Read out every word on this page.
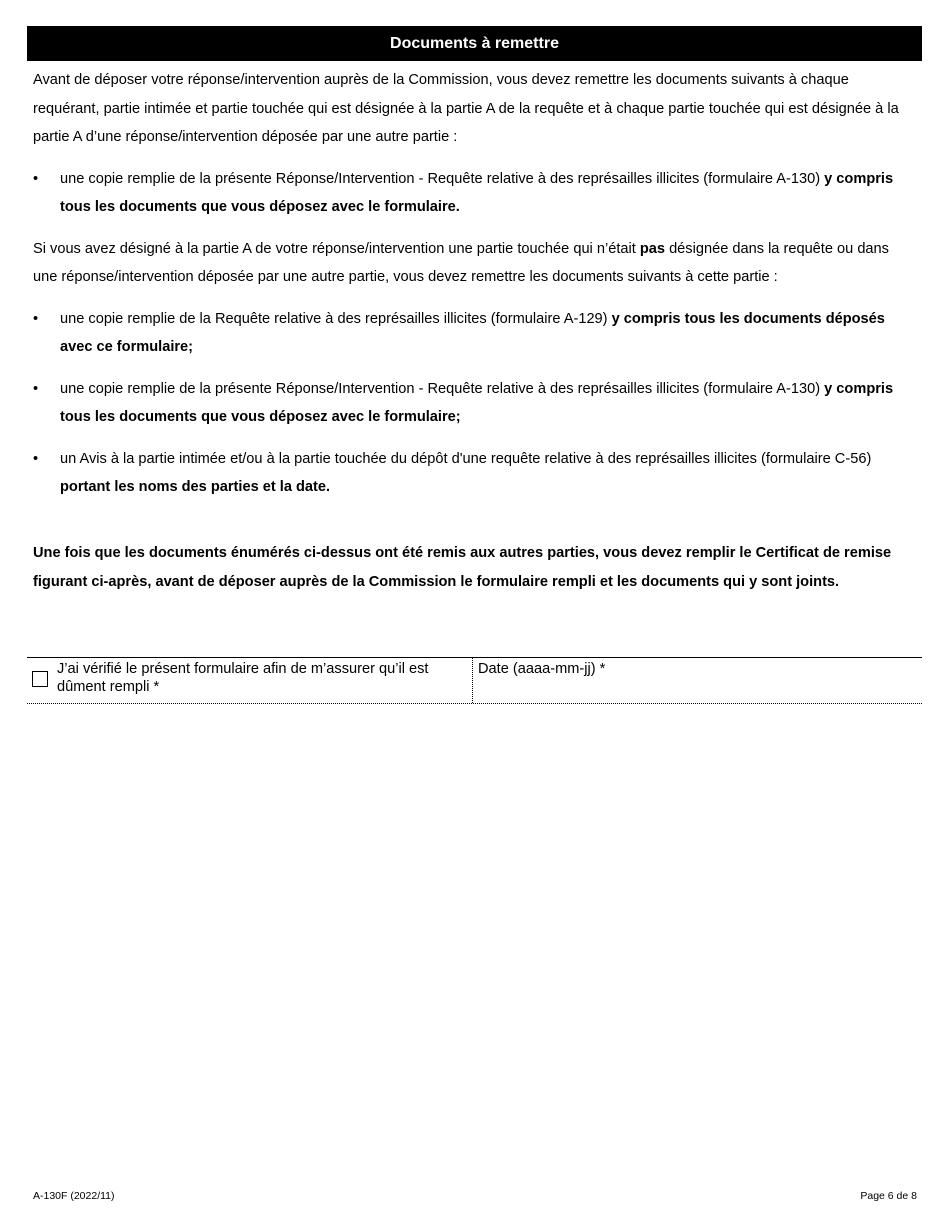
Documents à remettre

Avant de déposer votre réponse/intervention auprès de la Commission, vous devez remettre les documents suivants à chaque requérant, partie intimée et partie touchée qui est désignée à la partie A de la requête et à chaque partie touchée qui est désignée à la partie A d’une réponse/intervention déposée par une autre partie :

• une copie remplie de la présente Réponse/Intervention - Requête relative à des représailles illicites (formulaire A-130) y compris tous les documents que vous déposez avec le formulaire.

Si vous avez désigné à la partie A de votre réponse/intervention une partie touchée qui n’était pas désignée dans la requête ou dans une réponse/intervention déposée par une autre partie, vous devez remettre les documents suivants à cette partie :

• une copie remplie de la Requête relative à des représailles illicites (formulaire A-129) y compris tous les documents déposés avec ce formulaire;
• une copie remplie de la présente Réponse/Intervention - Requête relative à des représailles illicites (formulaire A-130) y compris tous les documents que vous déposez avec le formulaire;
• un Avis à la partie intimée et/ou à la partie touchée du dépôt d'une requête relative à des représailles illicites (formulaire C-56) portant les noms des parties et la date.

Une fois que les documents énumérés ci-dessus ont été remis aux autres parties, vous devez remplir le Certificat de remise figurant ci-après, avant de déposer auprès de la Commission le formulaire rempli et les documents qui y sont joints.

J’ai vérifié le présent formulaire afin de m’assurer qu’il est dûment rempli *
Date (aaaa-mm-jj) *
A-130F (2022/11)	Page 6 de 8
